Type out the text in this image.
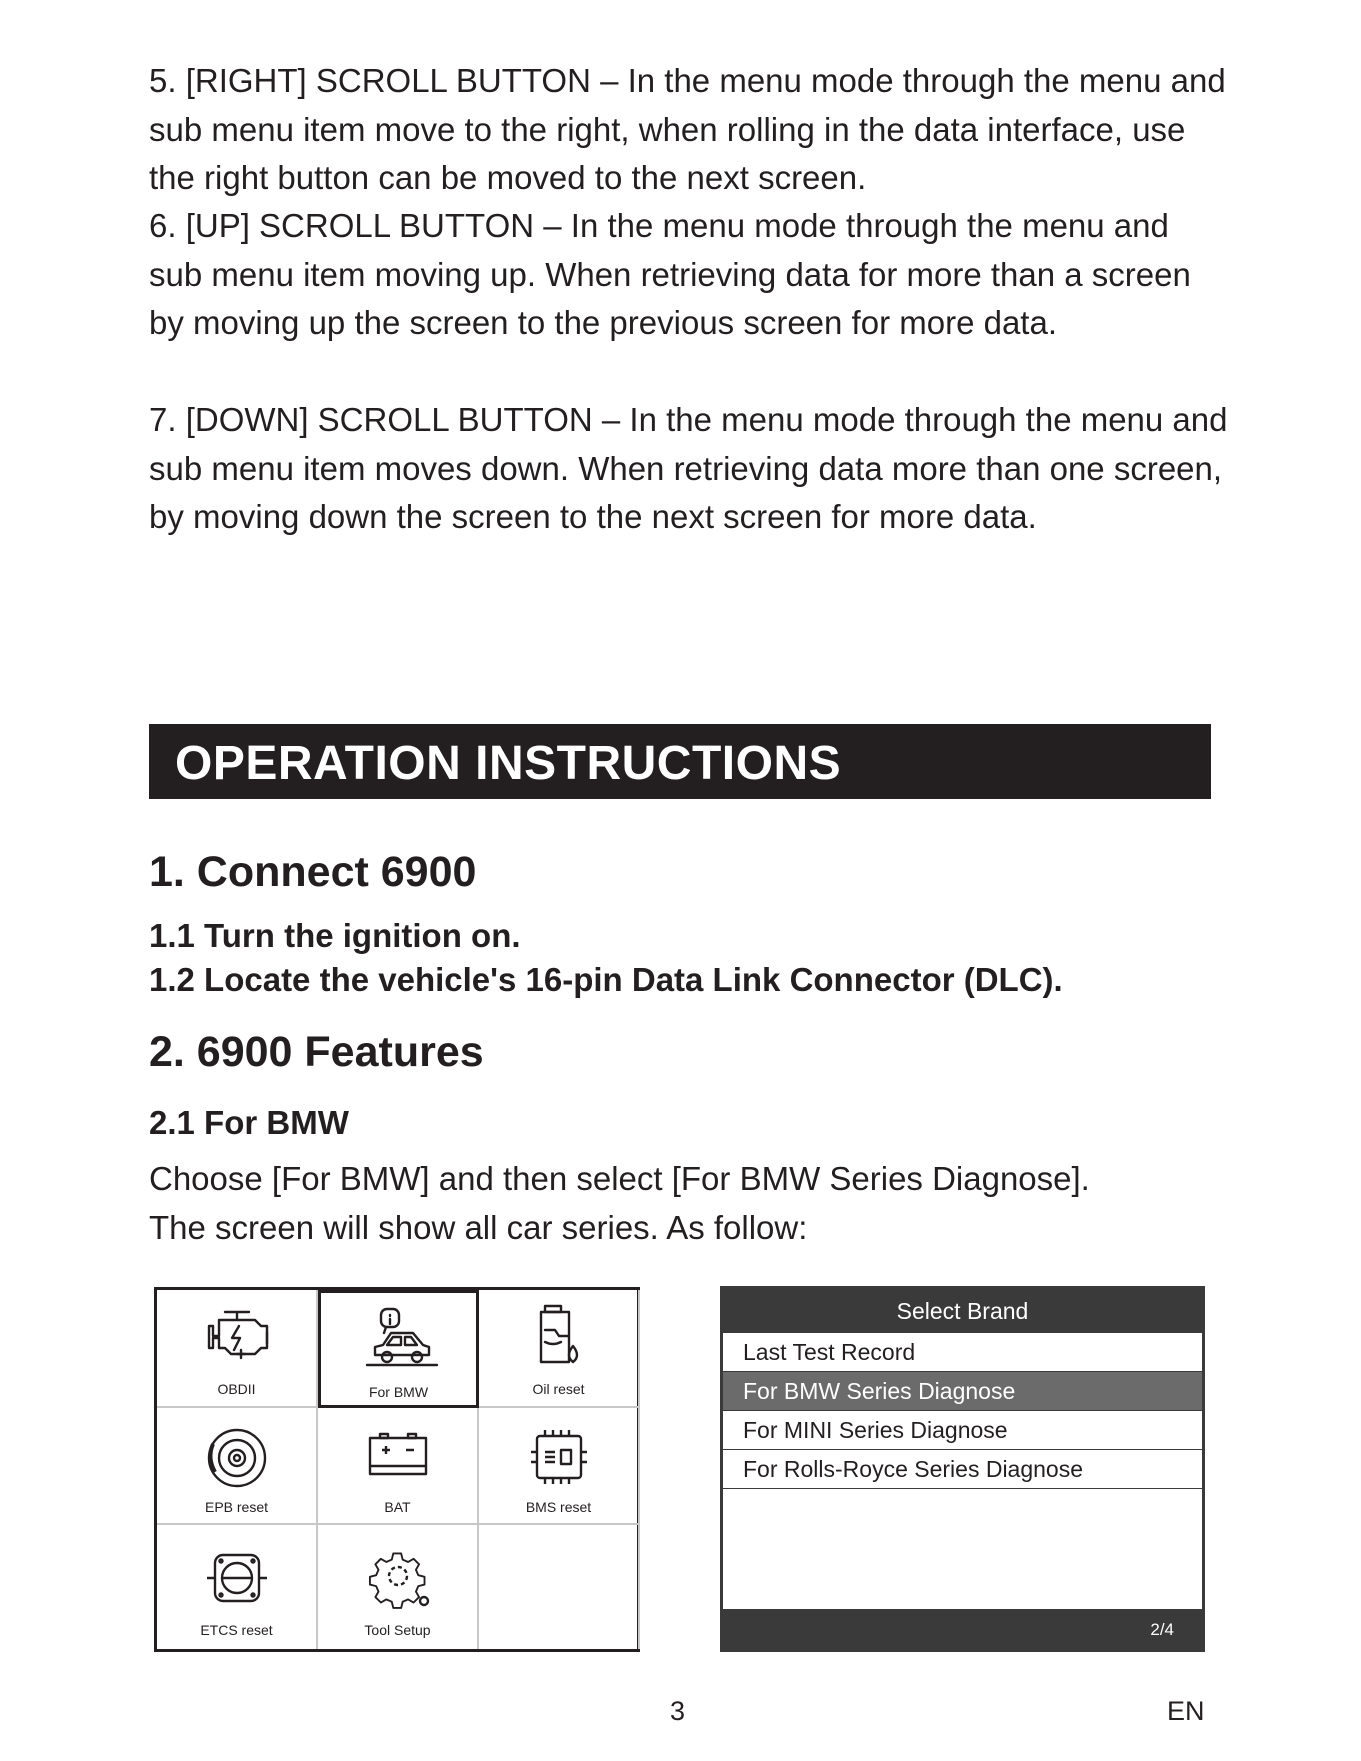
5. [RIGHT] SCROLL BUTTON – In the menu mode through the menu and sub menu item move to the right, when rolling in the data interface, use the right button can be moved to the next screen.

6. [UP] SCROLL BUTTON – In the menu mode through the menu and sub menu item moving up. When retrieving data for more than a screen by moving up the screen to the previous screen for more data.

7. [DOWN] SCROLL BUTTON – In the menu mode through the menu and sub menu item moves down. When retrieving data more than one screen, by moving down the screen to the next screen for more data.

OPERATION INSTRUCTIONS
1. Connect 6900
1.1 Turn the ignition on.
1.2 Locate the vehicle's 16-pin Data Link Connector (DLC).
2. 6900 Features
2.1 For BMW
Choose [For BMW] and then select [For BMW Series Diagnose].
The screen will show all car series. As follow:
OBDII	For BMW	Oil reset
EPB reset	BAT	BMS reset
ETCS reset	Tool Setup
Select Brand
Last Test Record
For BMW Series Diagnose
For MINI Series Diagnose
For Rolls-Royce Series Diagnose
2/4
3	EN
